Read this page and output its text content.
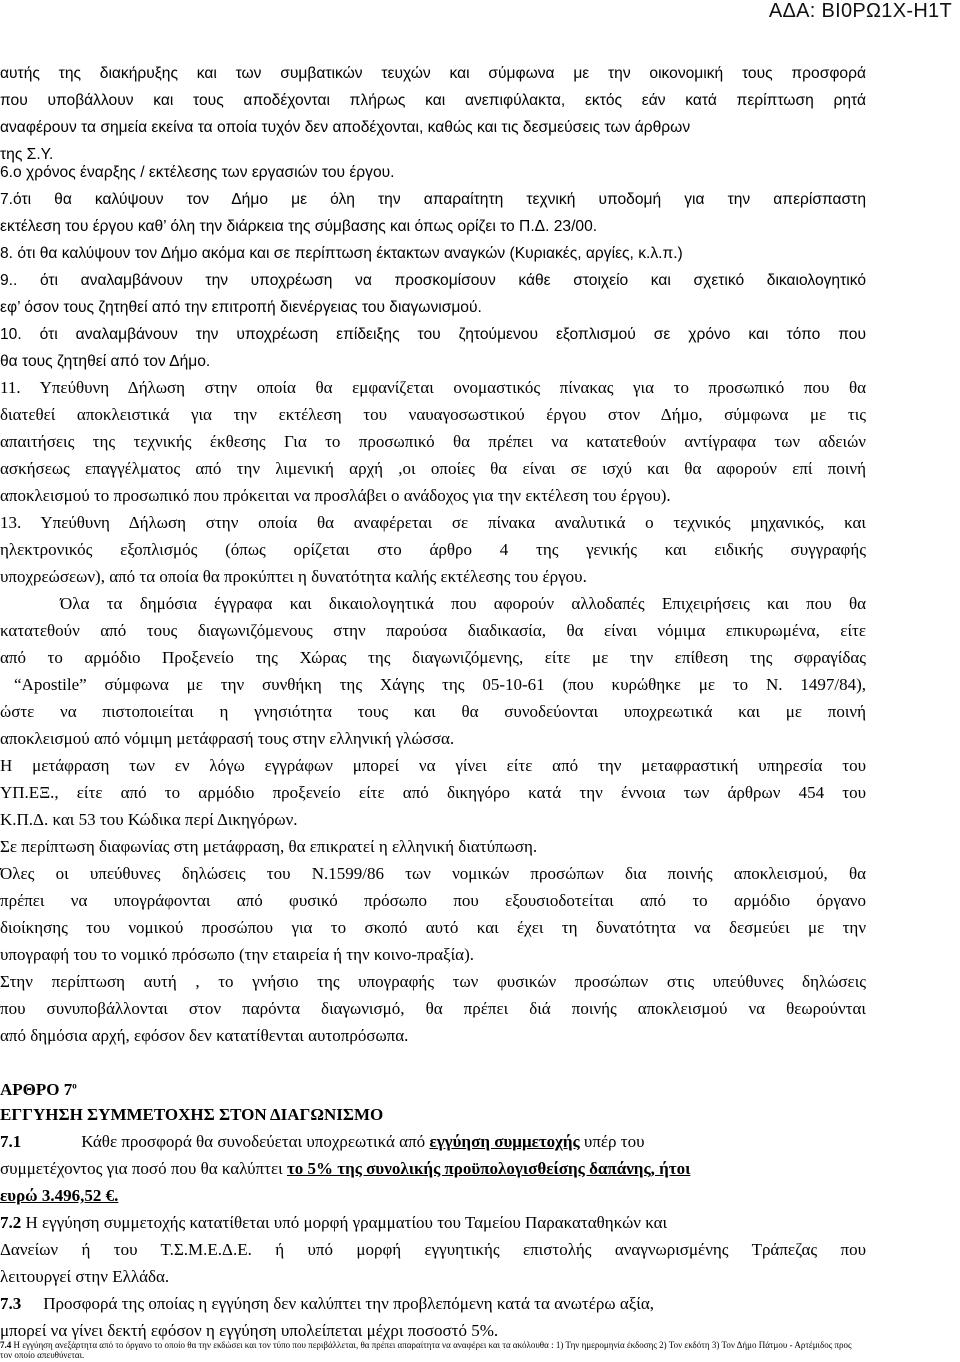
ΑΔΑ: ΒΙ0ΡΩ1Χ-Η1Τ
αυτής της διακήρυξης και των συμβατικών τευχών και σύμφωνα με την οικονομική τους προσφορά
που υποβάλλουν και τους αποδέχονται πλήρως και ανεπιφύλακτα, εκτός εάν κατά περίπτωση ρητά
αναφέρουν τα σημεία εκείνα τα οποία τυχόν δεν αποδέχονται, καθώς και τις δεσμεύσεις των άρθρων
της Σ.Υ.
6.ο χρόνος έναρξης / εκτέλεσης των εργασιών του έργου.
7.ότι θα καλύψουν τον Δήμο με όλη την απαραίτητη τεχνική υποδομή για την απερίσπαστη
εκτέλεση του έργου καθ’ όλη την διάρκεια της σύμβασης και όπως ορίζει το Π.Δ. 23/00.
8. ότι θα καλύψουν τον Δήμο ακόμα και σε περίπτωση έκτακτων αναγκών (Κυριακές, αργίες, κ.λ.π.)
9.. ότι αναλαμβάνουν την υποχρέωση να προσκομίσουν κάθε στοιχείο και σχετικό δικαιολογητικό
εφ’ όσον τους ζητηθεί από την επιτροπή διενέργειας του διαγωνισμού.
10. ότι αναλαμβάνουν την υποχρέωση επίδειξης του ζητούμενου εξοπλισμού σε χρόνο και τόπο που
θα τους ζητηθεί από τον Δήμο.
11. Υπεύθυνη Δήλωση στην οποία θα εμφανίζεται ονομαστικός πίνακας για το προσωπικό που θα
διατεθεί αποκλειστικά για την εκτέλεση του ναυαγοσωστικού έργου στον Δήμο, σύμφωνα με τις
απαιτήσεις της τεχνικής έκθεσης Για το προσωπικό θα πρέπει να κατατεθούν αντίγραφα των αδειών
ασκήσεως επαγγέλματος από την λιμενική αρχή ,οι οποίες θα είναι σε ισχύ και θα αφορούν επί ποινή
αποκλεισμού το προσωπικό που πρόκειται να προσλάβει ο ανάδοχος για την εκτέλεση του έργου).
13. Υπεύθυνη Δήλωση στην οποία θα αναφέρεται σε πίνακα αναλυτικά ο τεχνικός μηχανικός, και
ηλεκτρονικός εξοπλισμός (όπως ορίζεται στο άρθρο 4 της γενικής και ειδικής συγγραφής
υποχρεώσεων), από τα οποία θα προκύπτει η δυνατότητα καλής εκτέλεσης του έργου.
Όλα τα δημόσια έγγραφα και δικαιολογητικά που αφορούν αλλοδαπές Επιχειρήσεις και που θα
κατατεθούν από τους διαγωνιζόμενους στην παρούσα διαδικασία, θα είναι νόμιμα επικυρωμένα, είτε
από το αρμόδιο Προξενείο της Χώρας της διαγωνιζόμενης, είτε με την επίθεση της σφραγίδας
“Apostile” σύμφωνα με την συνθήκη της Χάγης της 05-10-61 (που κυρώθηκε με το Ν. 1497/84),
ώστε να πιστοποιείται η γνησιότητα τους και θα συνοδεύονται υποχρεωτικά και με ποινή
αποκλεισμού από νόμιμη μετάφρασή τους στην ελληνική γλώσσα.
Η μετάφραση των εν λόγω εγγράφων μπορεί να γίνει είτε από την μεταφραστική υπηρεσία του
ΥΠ.ΕΞ., είτε από το αρμόδιο προξενείο είτε από δικηγόρο κατά την έννοια των άρθρων 454 του
Κ.Π.Δ. και 53 του Κώδικα περί Δικηγόρων.
Σε περίπτωση διαφωνίας στη μετάφραση, θα επικρατεί η ελληνική διατύπωση.
Όλες οι υπεύθυνες δηλώσεις του Ν.1599/86 των νομικών προσώπων δια ποινής αποκλεισμού, θα
πρέπει να υπογράφονται από φυσικό πρόσωπο που εξουσιοδοτείται από το αρμόδιο όργανο
διοίκησης του νομικού προσώπου για το σκοπό αυτό και έχει τη δυνατότητα να δεσμεύει με την
υπογραφή του το νομικό πρόσωπο (την εταιρεία ή την κοινο-πραξία).
Στην περίπτωση αυτή , το γνήσιο της υπογραφής των φυσικών προσώπων στις υπεύθυνες δηλώσεις
που συνυποβάλλονται στον παρόντα διαγωνισμό, θα πρέπει διά ποινής αποκλεισμού να θεωρούνται
από δημόσια αρχή, εφόσον δεν κατατίθενται αυτοπρόσωπα.
ΑΡΘΡΟ $7^o$
ΕΓΓΥΗΣΗ ΣΥΜΜΕΤΟΧΗΣ ΣΤΟΝ ΔΙΑΓΩΝΙΣΜΟ
7.1	Κάθε προσφορά θα συνοδεύεται υποχρεωτικά από εγγύηση συμμετοχής υπέρ του
συμμετέχοντος για ποσό που θα καλύπτει το 5% της συνολικής προϋπολογισθείσης δαπάνης, ήτοι
ευρώ 3.496,52 €.
7.2 Η εγγύηση συμμετοχής κατατίθεται υπό μορφή γραμματίου του Ταμείου Παρακαταθηκών και
Δανείων ή του Τ.Σ.Μ.Ε.Δ.Ε. ή υπό μορφή εγγυητικής επιστολής αναγνωρισμένης Τράπεζας που
λειτουργεί στην Ελλάδα.
7.3 Προσφορά της οποίας η εγγύηση δεν καλύπτει την προβλεπόμενη κατά τα ανωτέρω αξία,
μπορεί να γίνει δεκτή εφόσον η εγγύηση υπολείπεται μέχρι ποσοστό 5%.
7.4 Η εγγύηση ανεξάρτητα από το όργανο το οποίο θα την εκδώσει και τον τύπο που περιβάλλεται, θα πρέπει απαραίτητα να αναφέρει και τα ακόλουθα : 1) Την ημερομηνία έκδοσης 2) Τον εκδότη 3) Τον Δήμο Πάτμου - Αρτέμιδος προς τον οποίο απευθύνεται.
